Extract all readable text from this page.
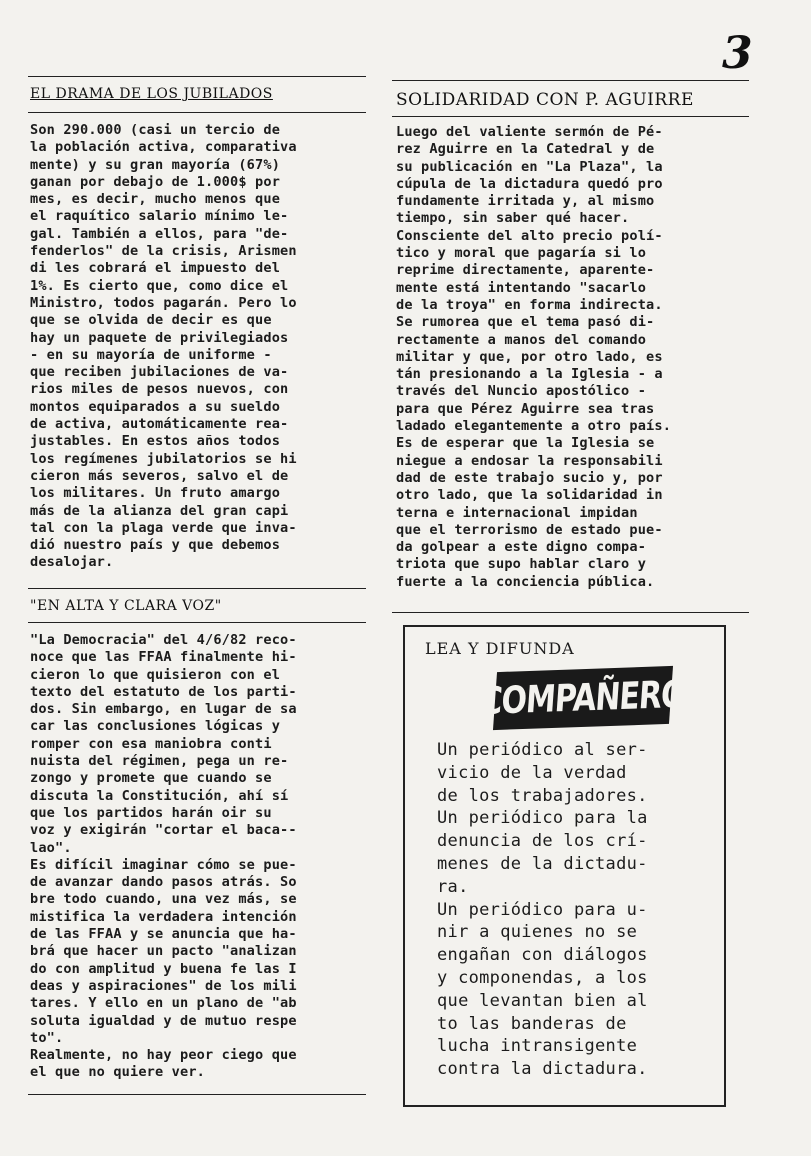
3
EL DRAMA DE LOS JUBILADOS
Son 290.000 (casi un tercio de
la población activa, comparativa
mente) y su gran mayoría (67%)
ganan por debajo de 1.000$ por
mes, es decir, mucho menos que
el raquítico salario mínimo le-
gal. También a ellos, para "de-
fenderlos" de la crisis, Arismen
di les cobrará el impuesto del
1%. Es cierto que, como dice el
Ministro, todos pagarán. Pero lo
que se olvida de decir es que
hay un paquete de privilegiados
- en su mayoría de uniforme -
que reciben jubilaciones de va-
rios miles de pesos nuevos, con
montos equiparados a su sueldo
de activa, automáticamente rea-
justables. En estos años todos
los regímenes jubilatorios se hi
cieron más severos, salvo el de
los militares. Un fruto amargo
más de la alianza del gran capi
tal con la plaga verde que inva-
dió nuestro país y que debemos
desalojar.
"EN ALTA Y CLARA VOZ"
"La Democracia" del 4/6/82 reco-
noce que las FFAA finalmente hi-
cieron lo que quisieron con el
texto del estatuto de los parti-
dos. Sin embargo, en lugar de sa
car las conclusiones lógicas y
romper con esa maniobra conti
nuista del régimen, pega un re-
zongo y promete que cuando se
discuta la Constitución, ahí sí
que los partidos harán oir su
voz y exigirán "cortar el baca--
lao".
Es difícil imaginar cómo se pue-
de avanzar dando pasos atrás. So
bre todo cuando, una vez más, se
mistifica la verdadera intención
de las FFAA y se anuncia que ha-
brá que hacer un pacto "analizan
do con amplitud y buena fe las I
deas y aspiraciones" de los mili
tares. Y ello en un plano de "ab
soluta igualdad y de mutuo respe
to".
Realmente, no hay peor ciego que
el que no quiere ver.
SOLIDARIDAD CON P. AGUIRRE
Luego del valiente sermón de Pé-
rez Aguirre en la Catedral y de
su publicación en "La Plaza", la
cúpula de la dictadura quedó pro
fundamente irritada y, al mismo
tiempo, sin saber qué hacer.
Consciente del alto precio polí-
tico y moral que pagaría si lo
reprime directamente, aparente-
mente está intentando "sacarlo
de la troya" en forma indirecta.
Se rumorea que el tema pasó di-
rectamente a manos del comando
militar y que, por otro lado, es
tán presionando a la Iglesia - a
través del Nuncio apostólico -
para que Pérez Aguirre sea tras
ladado elegantemente a otro país.
Es de esperar que la Iglesia se
niegue a endosar la responsabili
dad de este trabajo sucio y, por
otro lado, que la solidaridad in
terna e internacional impidan
que el terrorismo de estado pue-
da golpear a este digno compa-
triota que supo hablar claro y
fuerte a la conciencia pública.
LEA Y DIFUNDA
COMPAÑERO
Un periódico al ser-
vicio de la verdad
de los trabajadores.
Un periódico para la
denuncia de los crí-
menes de la dictadu-
ra.
Un periódico para u-
nir a quienes no se
engañan con diálogos
y componendas, a los
que levantan bien al
to las banderas de
lucha intransigente
contra la dictadura.
